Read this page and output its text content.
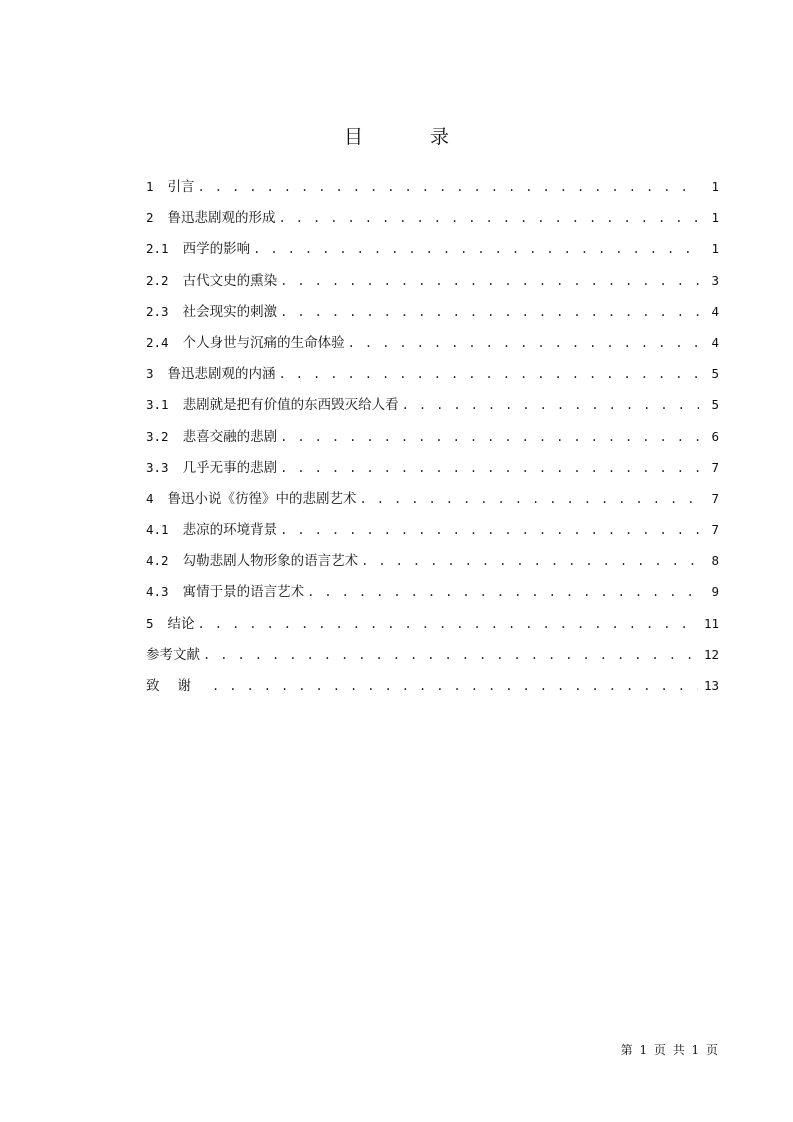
目　录
1 引言 . . .	1
2 鲁迅悲剧观的形成 . . .	1
2.1 西学的影响 . . .	1
2.2 古代文史的熏染 . . .	3
2.3 社会现实的刺激 . . .	4
2.4 个人身世与沉痛的生命体验 . . .	4
3 鲁迅悲剧观的内涵 . . .	5
3.1 悲剧就是把有价值的东西毁灭给人看 . . .	5
3.2 悲喜交融的悲剧 . . .	6
3.3 几乎无事的悲剧 . . .	7
4 鲁迅小说《彷徨》中的悲剧艺术 . . .	7
4.1 悲凉的环境背景 . . .	7
4.2 勾勒悲剧人物形象的语言艺术 . . .	8
4.3 寓情于景的语言艺术 . . .	9
5 结论 . . .	11
参考文献 . . .	12
致谢 . . .	13
第 1 页 共 1 页
